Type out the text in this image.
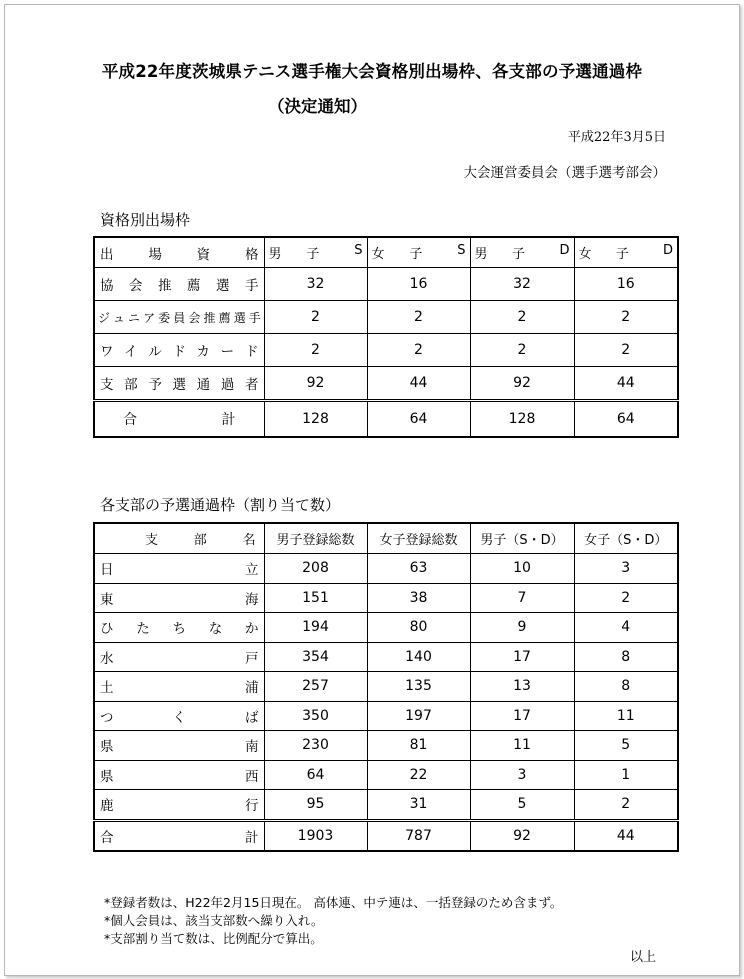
平成22年度茨城県テニス選手権大会資格別出場枠、各支部の予選通過枠
（決定通知）
平成22年3月5日
大会運営委員会（選手選考部会）
資格別出場枠
出場資格	男 子 S	女 子 S	男 子 D	女 子 D

協会推薦選手	32	16	32	16
ジュニア委員会推薦選手	2	2	2	2
ワイルドカード	2	2	2	2
支部予選通過者	92	44	92	44
合計	128	64	128	64
各支部の予選通過枠（割り当て数）
支 部 名	男子登録総数	女子登録総数	男子（S・D）	女子（S・D）
日立	208	63	10	3
東海	151	38	7	2
ひたちなか	194	80	9	4
水戸	354	140	17	8
土浦	257	135	13	8
つくば	350	197	17	11
県南	230	81	11	5
県西	64	22	3	1
鹿行	95	31	5	2
合計	1903	787	92	44
*登録者数は、H22年2月15日現在。 高体連、中テ連は、一括登録のため含まず。
*個人会員は、該当支部数へ繰り入れ。
*支部割り当て数は、比例配分で算出。
以上
